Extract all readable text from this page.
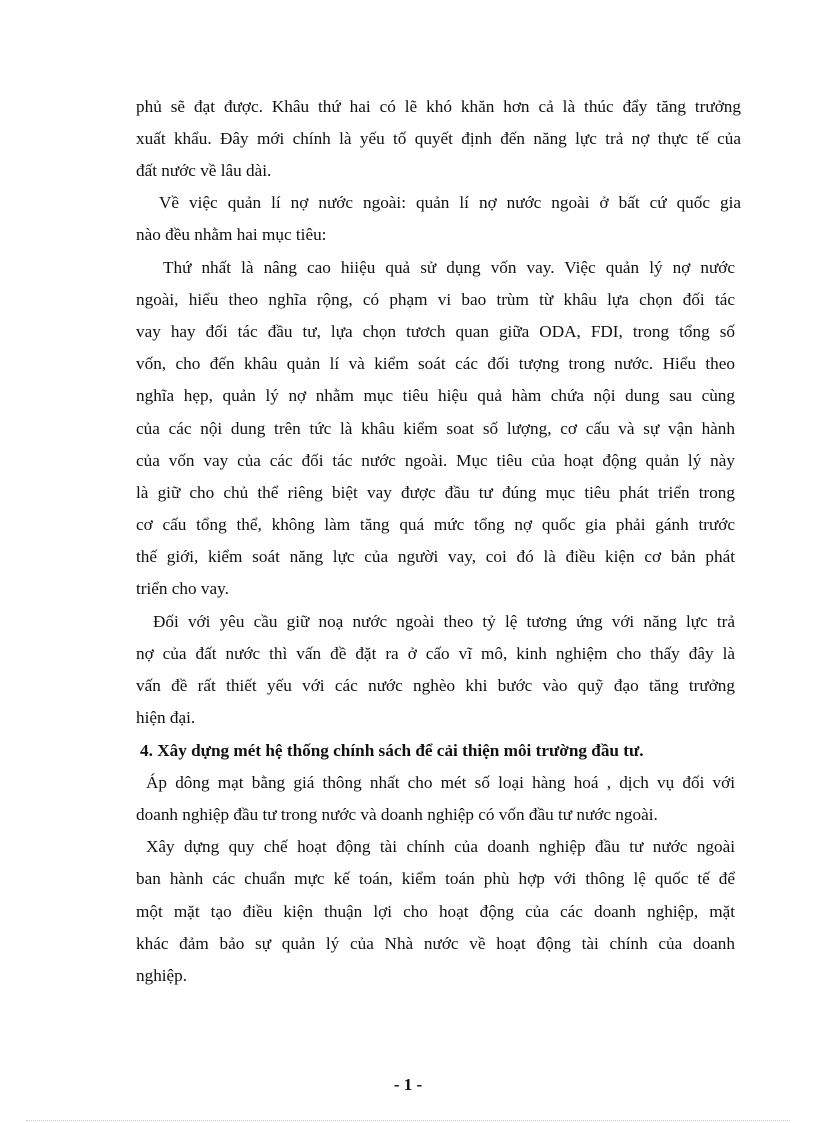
phủ sẽ đạt được. Khâu thứ hai có lẽ khó khăn hơn cả là thúc đẩy tăng trưởng

xuất khẩu. Đây mới chính là yếu tố quyết định đến năng lực trả nợ thực tế của

đất nước về lâu dài.

Về việc quản lí nợ nước ngoài: quản lí nợ nước ngoài ở bất cứ quốc gia

nào đều nhằm hai mục tiêu:

Thứ nhất là nâng cao hiiệu quả sử dụng vốn vay. Việc quản lý nợ nước

ngoài, hiểu theo nghĩa rộng, có phạm vi bao trùm từ khâu lựa chọn đối tác

vay hay đối tác đầu tư, lựa chọn tươch quan giữa ODA, FDI, trong tổng số

vốn, cho đến khâu quản lí và kiểm soát các đối tượng trong nước. Hiểu theo

nghĩa hẹp, quản lý nợ nhằm mục tiêu hiệu quả hàm chứa nội dung sau cùng

của các nội dung trên tức là khâu kiểm soat số lượng, cơ cấu và sự vận hành

của vốn vay của các đối tác nước ngoài. Mục tiêu của hoạt động quản lý này

là giữ cho chủ thể riêng biệt vay được đầu tư đúng mục tiêu phát triển trong

cơ cấu tổng thể, không làm tăng quá mức tổng nợ quốc gia phải gánh trước

thế giới, kiểm soát năng lực của người vay, coi đó là điều kiện cơ bản phát

triển cho vay.

Đối với yêu cầu giữ noạ nước ngoài theo tỷ lệ tương ứng với năng lực trả

nợ của đất nước thì vấn đề đặt ra ở cấo vĩ mô, kinh nghiệm cho thấy đây là

vấn đề rất thiết yếu với các nước nghèo khi bước vào quỹ đạo tăng trưởng

hiện đại.

4. Xây dựng mét hệ thống chính sách để cải thiện môi trường đầu tư.

Áp dông mạt bằng giá thông nhất cho mét số loại hàng hoá , dịch vụ đối với

doanh nghiệp đầu tư trong nước và doanh nghiệp có vốn đầu tư nước ngoài.

Xây dựng quy chế hoạt động tài chính của doanh nghiệp đầu tư nước ngoài

ban hành các chuẩn mực kế toán, kiểm toán phù hợp với thông lệ quốc tế để

một mặt tạo điều kiện thuận lợi cho hoạt động của các doanh nghiệp, mặt

khác đảm bảo sự quản lý của Nhà nước về hoạt động tài chính của doanh

nghiệp.

- 1 -
